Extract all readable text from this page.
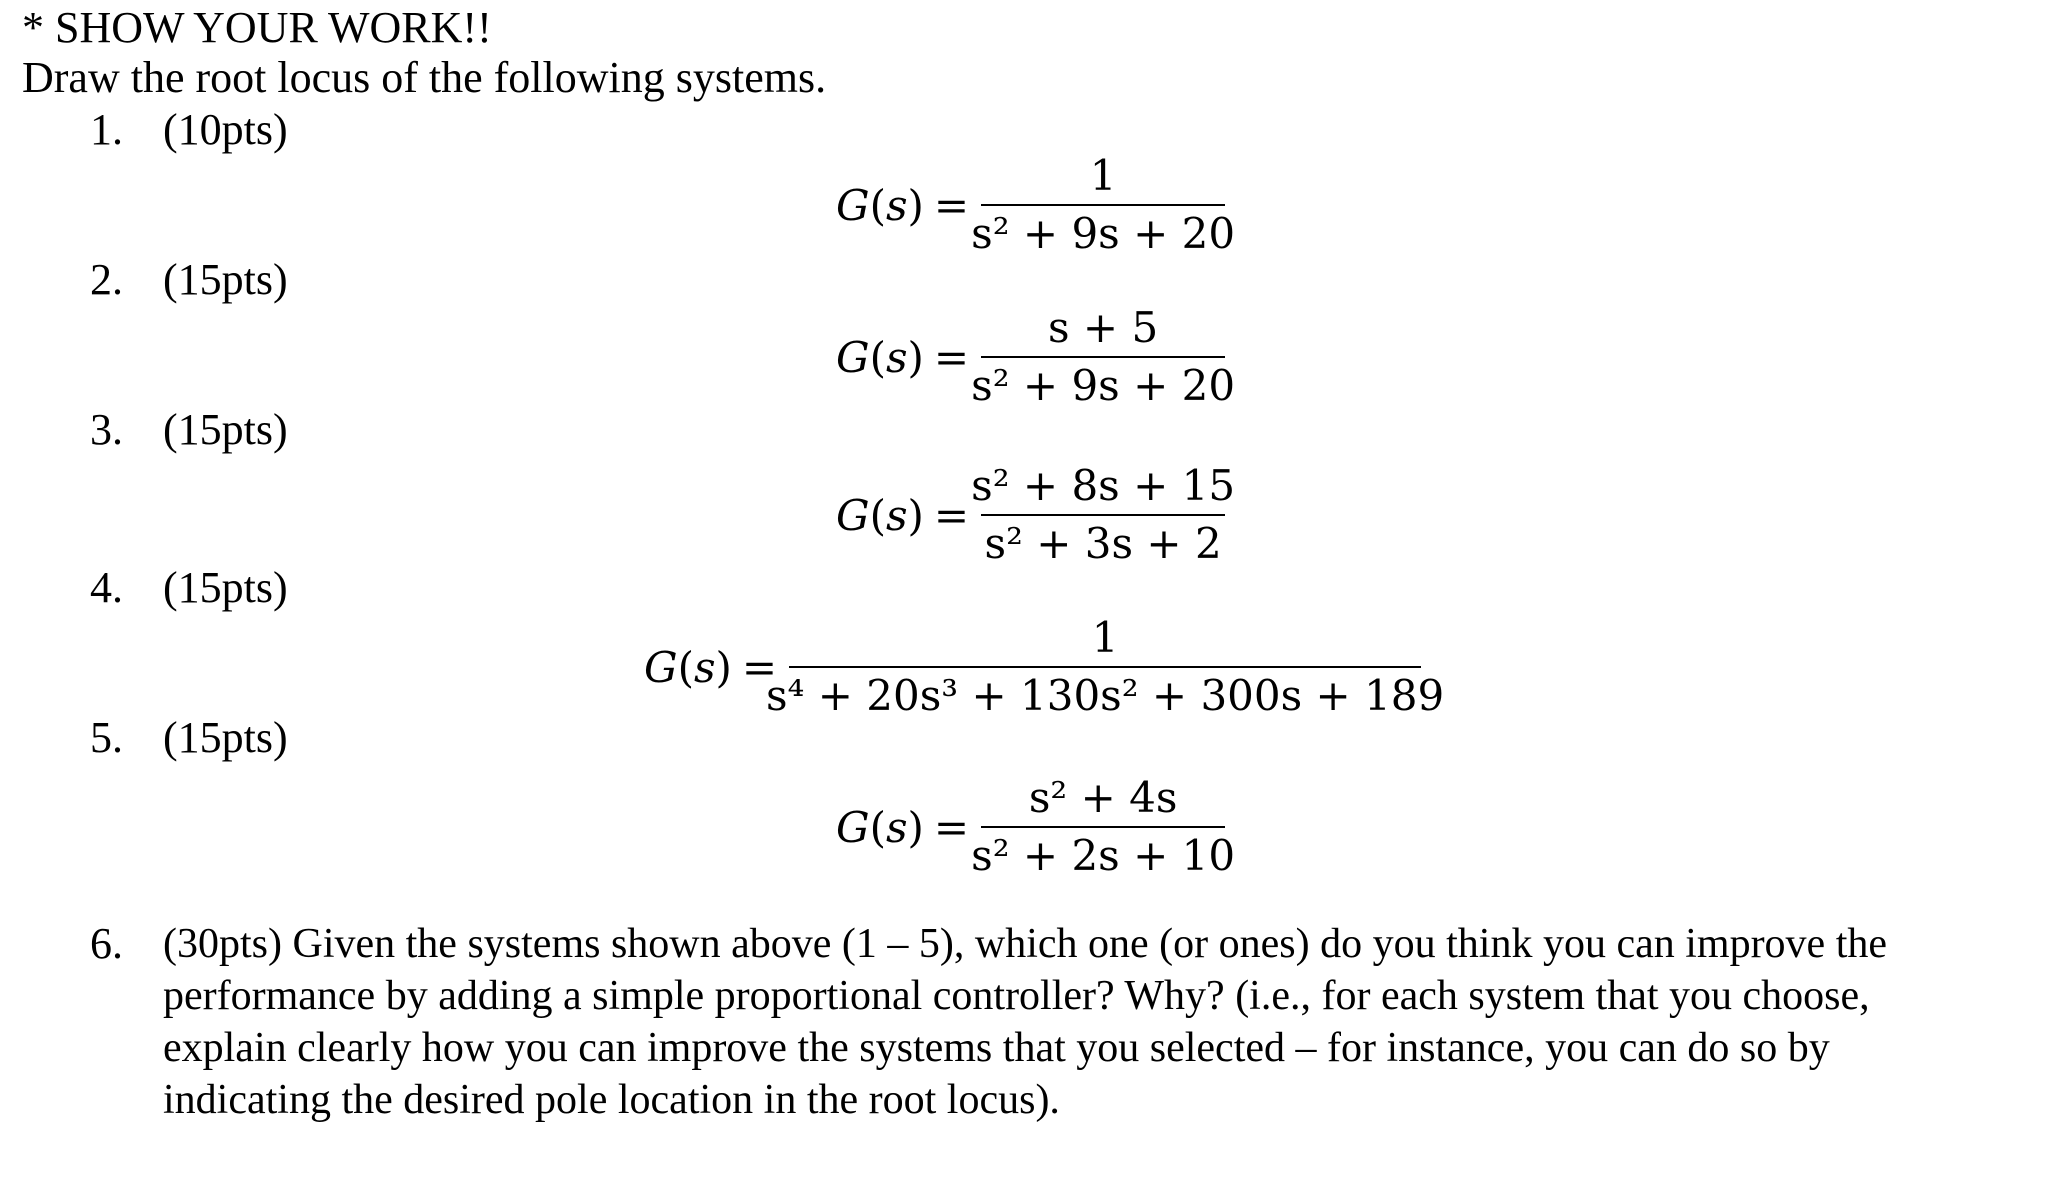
* SHOW YOUR WORK!!
Draw the root locus of the following systems.
1. (10pts)
$G(s) = \frac{1}{\text{s² + 9s + 20}}$
2. (15pts)
$G(s) = \frac{s + 5}{\text{s² + 9s + 20}}$
3. (15pts)
$G(s) = \frac{\text{s² + 8s + 15}}{\text{s² + 3s + 2}}$
4. (15pts)
$G(s) = \frac{1}{\text{s⁴ + 20s³ + 130s² + 300s + 189}}$
5. (15pts)
$G(s) = \frac{\text{s² + 4s}}{\text{s² + 2s + 10}}$
6. (30pts) Given the systems shown above (1 – 5), which one (or ones) do you think you can improve the performance by adding a simple proportional controller? Why? (i.e., for each system that you choose, explain clearly how you can improve the systems that you selected – for instance, you can do so by indicating the desired pole location in the root locus).
